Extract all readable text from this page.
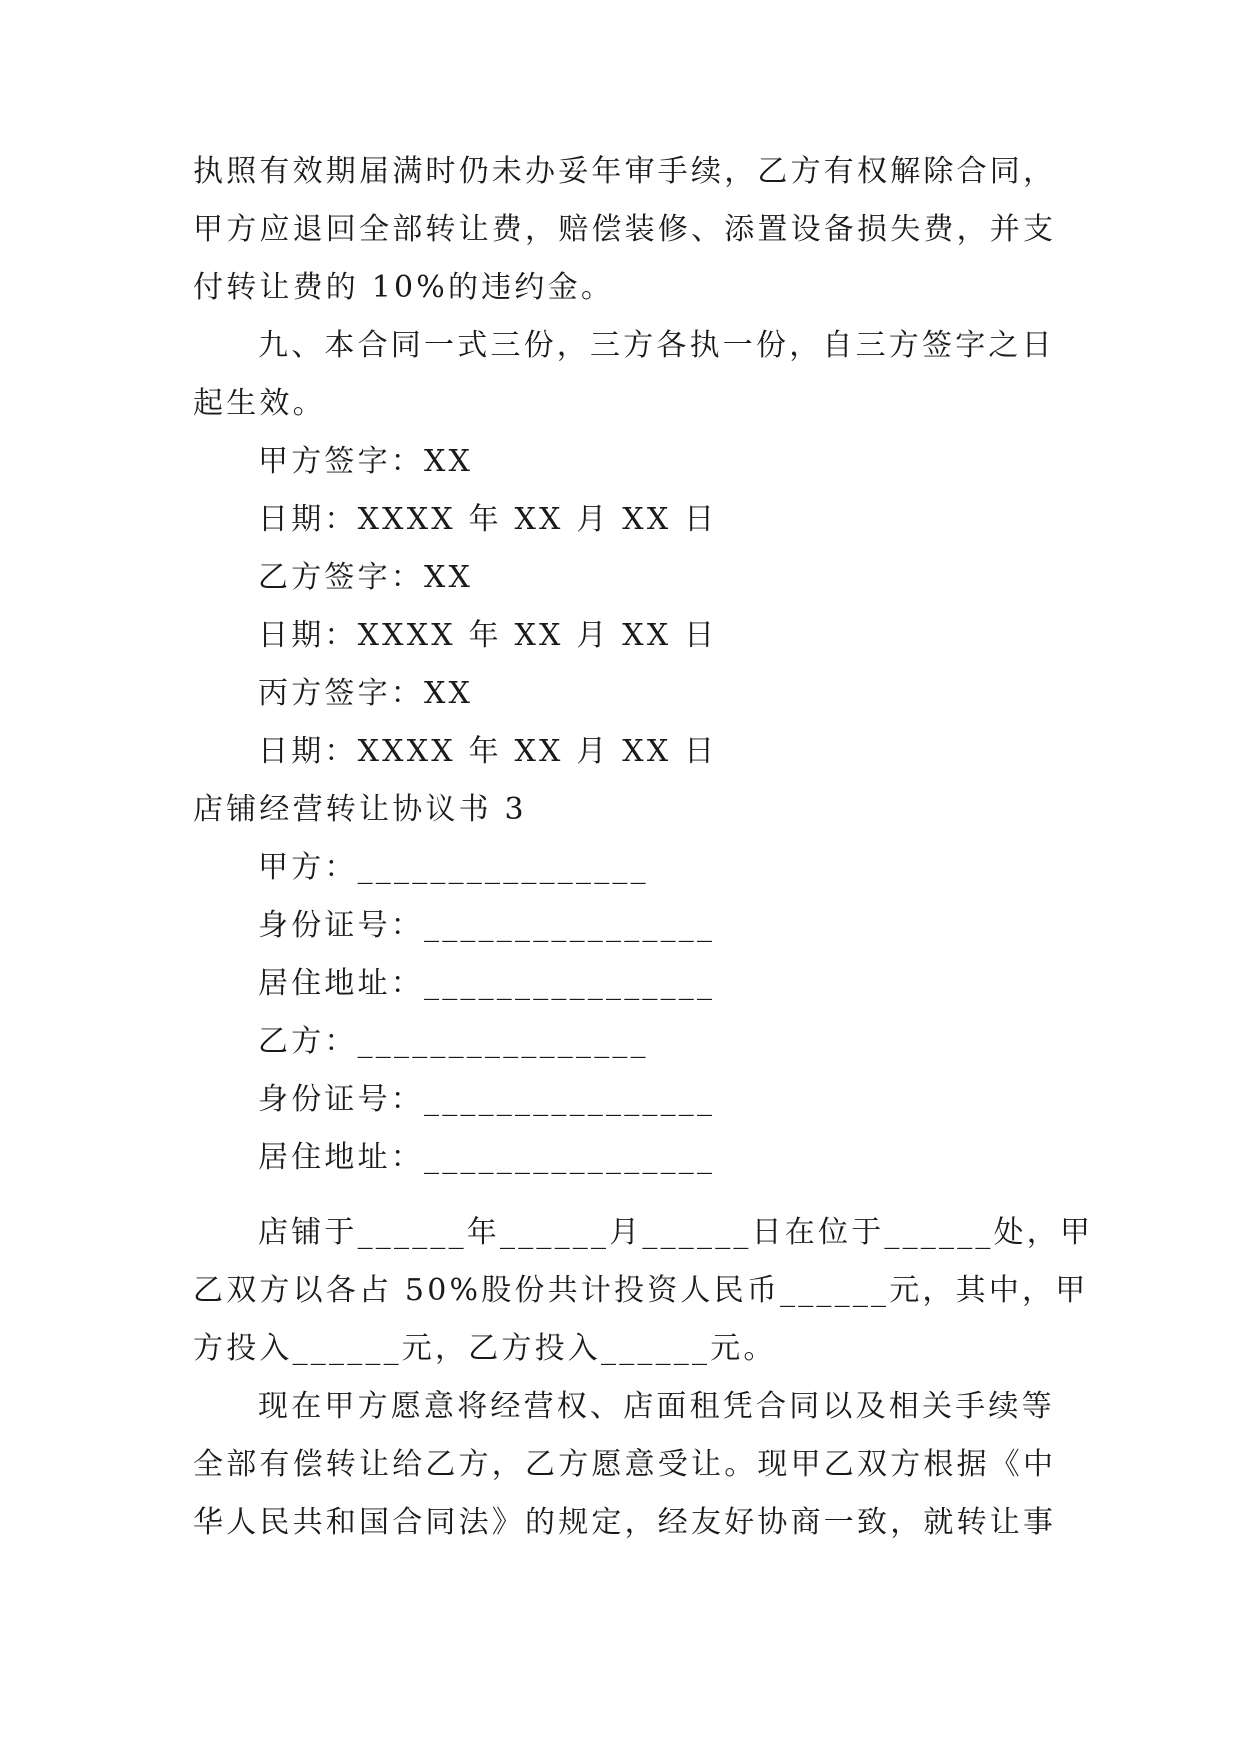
执照有效期届满时仍未办妥年审手续，乙方有权解除合同，
甲方应退回全部转让费，赔偿装修、添置设备损失费，并支
付转让费的 10%的违约金。
九、本合同一式三份，三方各执一份，自三方签字之日
起生效。
甲方签字：XX
日期：XXXX 年 XX 月 XX 日
乙方签字：XX
日期：XXXX 年 XX 月 XX 日
丙方签字：XX
日期：XXXX 年 XX 月 XX 日
店铺经营转让协议书 3
甲方：________________
身份证号：________________
居住地址：________________
乙方：________________
身份证号：________________
居住地址：________________
店铺于______年______月______日在位于______处，甲
乙双方以各占 50%股份共计投资人民币______元，其中，甲
方投入______元，乙方投入______元。
现在甲方愿意将经营权、店面租凭合同以及相关手续等
全部有偿转让给乙方，乙方愿意受让。现甲乙双方根据《中
华人民共和国合同法》的规定，经友好协商一致，就转让事
